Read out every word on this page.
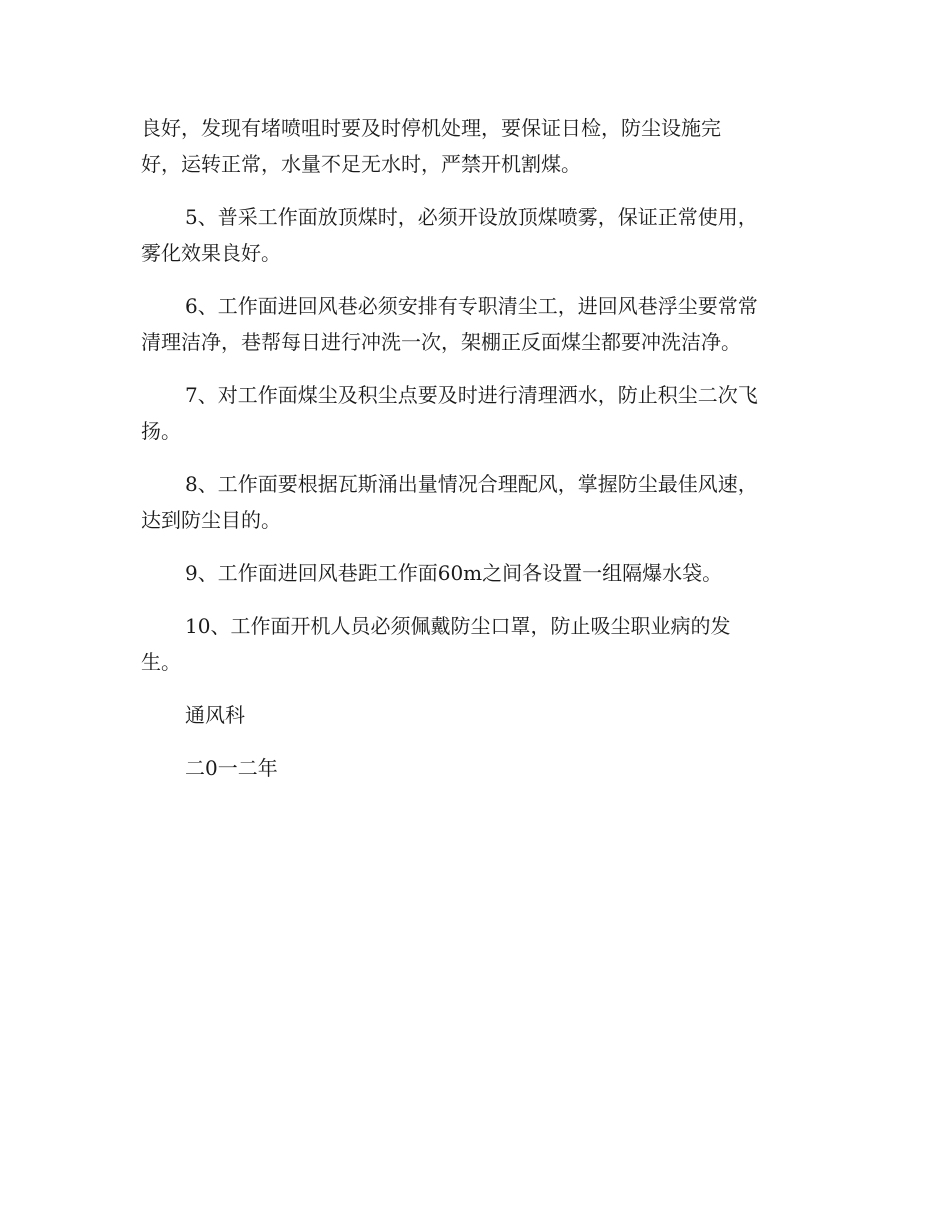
良好，发现有堵喷咀时要及时停机处理，要保证日检，防尘设施完
好，运转正常，水量不足无水时，严禁开机割煤。

5、普采工作面放顶煤时，必须开设放顶煤喷雾，保证正常使用，
雾化效果良好。

6、工作面进回风巷必须安排有专职清尘工，进回风巷浮尘要常常
清理洁净，巷帮每日进行冲洗一次，架棚正反面煤尘都要冲洗洁净。

7、对工作面煤尘及积尘点要及时进行清理洒水，防止积尘二次飞
扬。

8、工作面要根据瓦斯涌出量情况合理配风，掌握防尘最佳风速，
达到防尘目的。

9、工作面进回风巷距工作面60m之间各设置一组隔爆水袋。

10、工作面开机人员必须佩戴防尘口罩，防止吸尘职业病的发
生。

通风科

二0一二年
